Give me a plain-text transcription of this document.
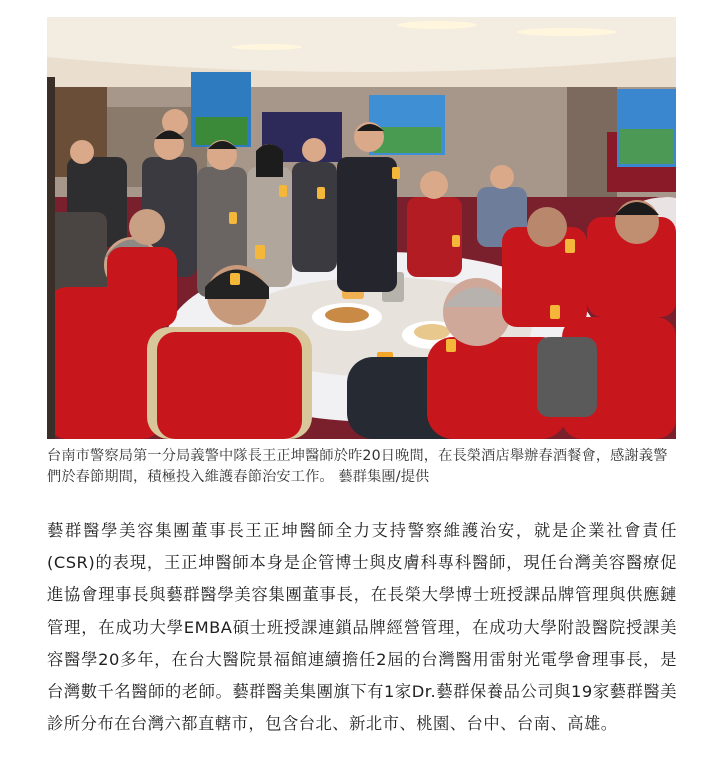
台南市警察局第一分局義警中隊長王正坤醫師於昨20日晚間，在長榮酒店舉辦春酒餐會，感謝義警們於春節期間，積極投入維護春節治安工作。 藝群集團/提供

藝群醫學美容集團董事長王正坤醫師全力支持警察維護治安，就是企業社會責任(CSR)的表現，王正坤醫師本身是企管博士與皮膚科專科醫師，現任台灣美容醫療促進協會理事長與藝群醫學美容集團董事長，在長榮大學博士班授課品牌管理與供應鏈管理，在成功大學EMBA碩士班授課連鎖品牌經營管理，在成功大學附設醫院授課美容醫學20多年，在台大醫院景福館連續擔任2屆的台灣醫用雷射光電學會理事長，是台灣數千名醫師的老師。藝群醫美集團旗下有1家Dr.藝群保養品公司與19家藝群醫美診所分布在台灣六都直轄市，包含台北、新北市、桃園、台中、台南、高雄。
